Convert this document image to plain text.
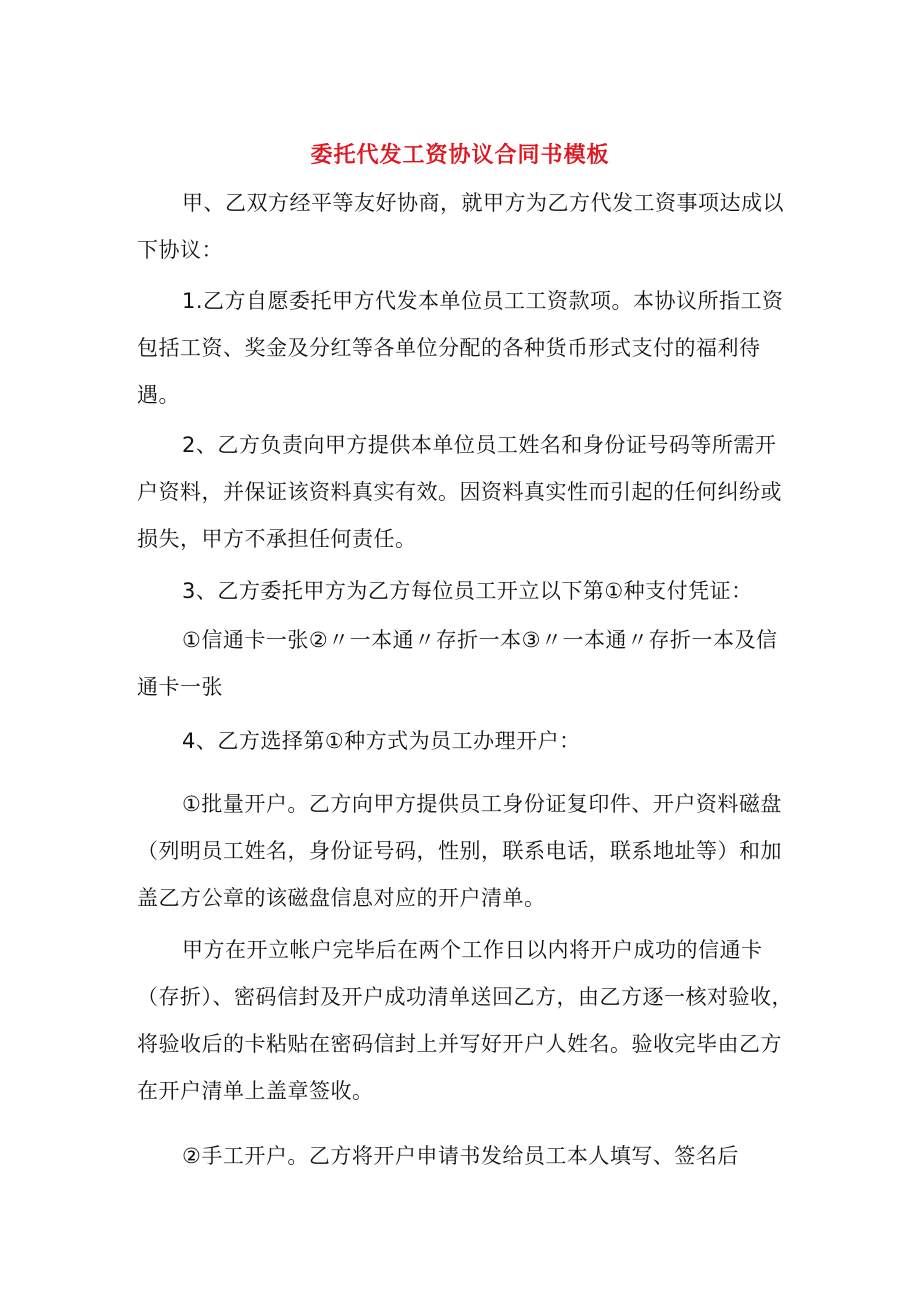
委托代发工资协议合同书模板

甲、乙双方经平等友好协商，就甲方为乙方代发工资事项达成以下协议：

1.乙方自愿委托甲方代发本单位员工工资款项。本协议所指工资包括工资、奖金及分红等各单位分配的各种货币形式支付的福利待遇。

2、乙方负责向甲方提供本单位员工姓名和身份证号码等所需开户资料，并保证该资料真实有效。因资料真实性而引起的任何纠纷或损失，甲方不承担任何责任。

3、乙方委托甲方为乙方每位员工开立以下第①种支付凭证：

①信通卡一张②〃一本通〃存折一本③〃一本通〃存折一本及信通卡一张

4、乙方选择第①种方式为员工办理开户：

①批量开户。乙方向甲方提供员工身份证复印件、开户资料磁盘（列明员工姓名，身份证号码，性别，联系电话，联系地址等）和加盖乙方公章的该磁盘信息对应的开户清单。

甲方在开立帐户完毕后在两个工作日以内将开户成功的信通卡（存折）、密码信封及开户成功清单送回乙方，由乙方逐一核对验收，将验收后的卡粘贴在密码信封上并写好开户人姓名。验收完毕由乙方在开户清单上盖章签收。

②手工开户。乙方将开户申请书发给员工本人填写、签名后
